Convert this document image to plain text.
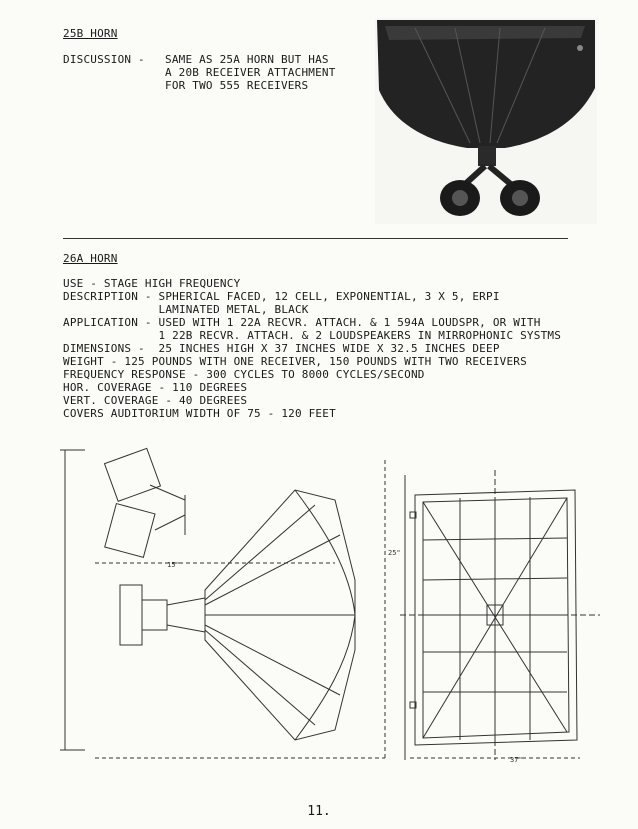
25B HORN
DISCUSSION - SAME AS 25A HORN BUT HAS
A 20B RECEIVER ATTACHMENT
FOR TWO 555 RECEIVERS
26A HORN
USE - STAGE HIGH FREQUENCY
DESCRIPTION - SPHERICAL FACED, 12 CELL, EXPONENTIAL, 3 X 5, ERPI
LAMINATED METAL, BLACK
APPLICATION - USED WITH 1 22A RECVR. ATTACH. & 1 594A LOUDSPR, OR WITH
1 22B RECVR. ATTACH. & 2 LOUDSPEAKERS IN MIRROPHONIC SYSTMS
DIMENSIONS -  25 INCHES HIGH X 37 INCHES WIDE X 32.5 INCHES DEEP
WEIGHT - 125 POUNDS WITH ONE RECEIVER, 150 POUNDS WITH TWO RECEIVERS
FREQUENCY RESPONSE - 300 CYCLES TO 8000 CYCLES/SECOND
HOR. COVERAGE - 110 DEGREES
VERT. COVERAGE - 40 DEGREES
COVERS AUDITORIUM WIDTH OF 75 - 120 FEET
15"
25"
37"
11.
